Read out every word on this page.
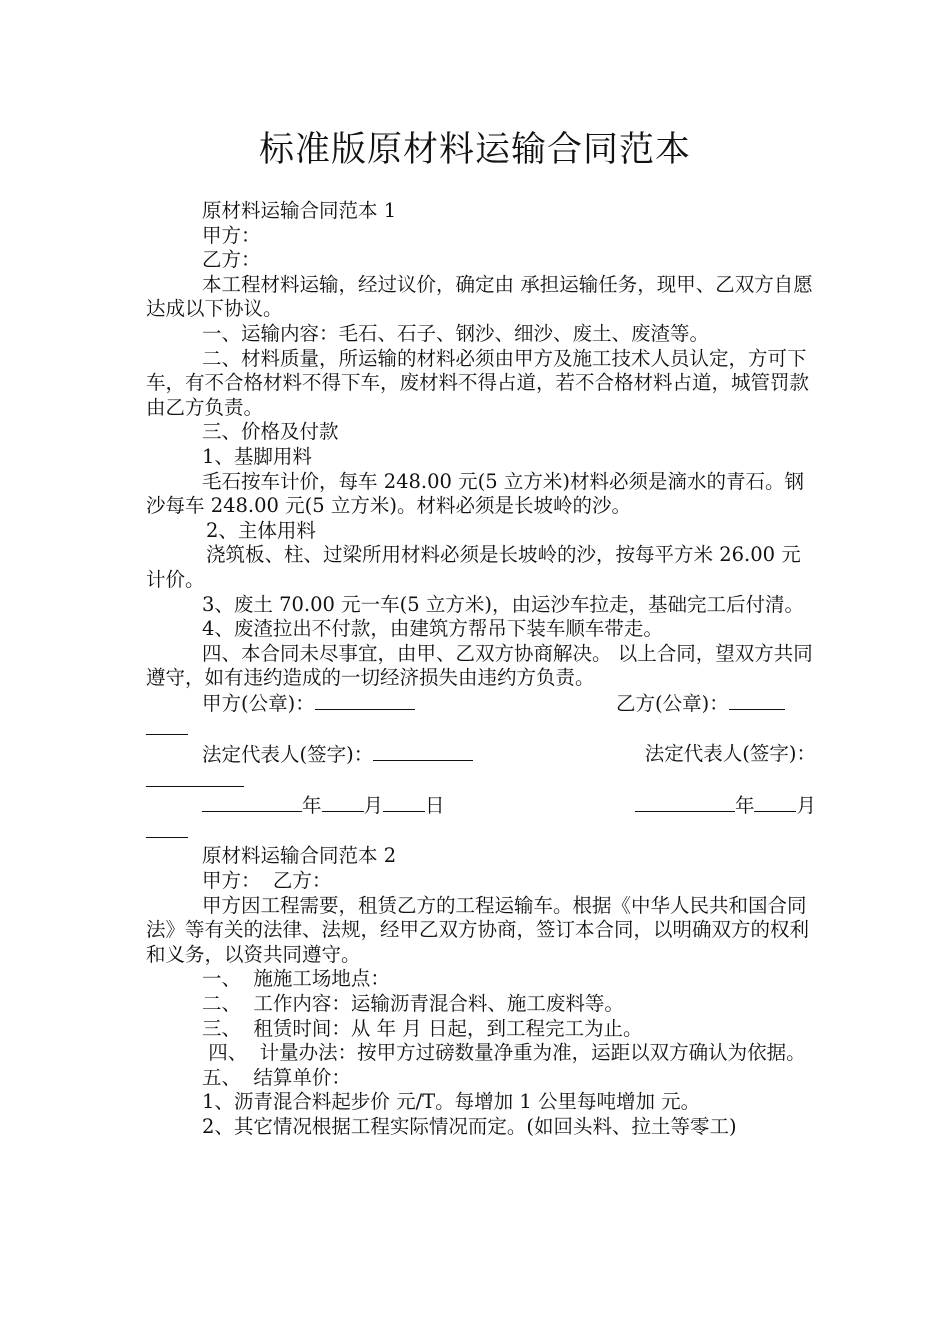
标准版原材料运输合同范本

原材料运输合同范本 1

甲方：

乙方：

本工程材料运输，经过议价，确定由 承担运输任务，现甲、乙双方自愿达成以下协议。

一、运输内容：毛石、石子、钢沙、细沙、废土、废渣等。

二、材料质量，所运输的材料必须由甲方及施工技术人员认定，方可下车，有不合格材料不得下车，废材料不得占道，若不合格材料占道，城管罚款由乙方负责。

三、价格及付款

1、基脚用料

毛石按车计价，每车 248.00 元(5 立方米)材料必须是滴水的青石。钢沙每车 248.00 元(5 立方米)。材料必须是长坡岭的沙。

2、主体用料

浇筑板、柱、过梁所用材料必须是长坡岭的沙，按每平方米 26.00 元计价。

3、废土 70.00 元一车(5 立方米)，由运沙车拉走，基础完工后付清。

4、废渣拉出不付款，由建筑方帮吊下装车顺车带走。

四、本合同未尽事宜，由甲、乙双方协商解决。 以上合同，望双方共同遵守，如有违约造成的一切经济损失由违约方负责。

甲方(公章)：	乙方(公章)：
法定代表人(签字)：	法定代表人(签字)：
年 月 日	年 月

原材料运输合同范本 2

甲方：  乙方：

甲方因工程需要，租赁乙方的工程运输车。根据《中华人民共和国合同法》等有关的法律、法规，经甲乙双方协商，签订本合同，以明确双方的权利和义务，以资共同遵守。

一、  施施工场地点：

二、  工作内容：运输沥青混合料、施工废料等。

三、  租赁时间：从 年 月 日起，到工程完工为止。

四、  计量办法：按甲方过磅数量净重为准，运距以双方确认为依据。

五、  结算单价：

1、沥青混合料起步价 元/T。每增加 1 公里每吨增加 元。

2、其它情况根据工程实际情况而定。(如回头料、拉土等零工)
